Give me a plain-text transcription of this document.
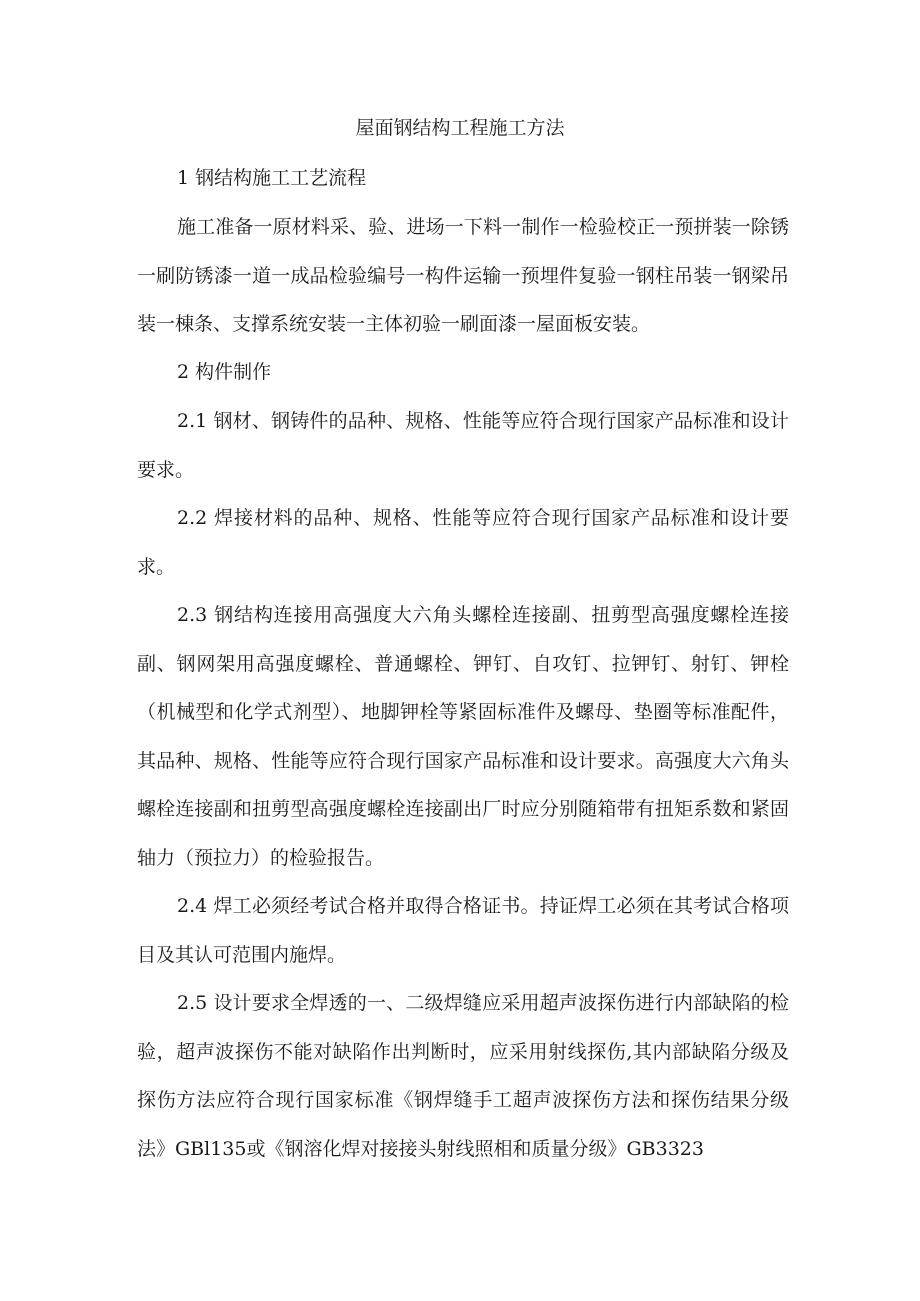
屋面钢结构工程施工方法
1 钢结构施工工艺流程

施工准备一原材料采、验、进场一下料一制作一检验校正一预拼装一除锈一刷防锈漆一道一成品检验编号一构件运输一预埋件复验一钢柱吊装一钢梁吊装一棟条、支撑系统安装一主体初验一刷面漆一屋面板安装。

2 构件制作

2.1 钢材、钢铸件的品种、规格、性能等应符合现行国家产品标准和设计要求。

2.2 焊接材料的品种、规格、性能等应符合现行国家产品标准和设计要求。

2.3 钢结构连接用高强度大六角头螺栓连接副、扭剪型高强度螺栓连接副、钢网架用高强度螺栓、普通螺栓、钾钉、自攻钉、拉钾钉、射钉、钾栓（机械型和化学式剂型）、地脚钾栓等紧固标准件及螺母、垫圈等标准配件，其品种、规格、性能等应符合现行国家产品标准和设计要求。高强度大六角头螺栓连接副和扭剪型高强度螺栓连接副出厂时应分别随箱带有扭矩系数和紧固轴力（预拉力）的检验报告。

2.4 焊工必须经考试合格并取得合格证书。持证焊工必须在其考试合格项目及其认可范围内施焊。

2.5 设计要求全焊透的一、二级焊缝应采用超声波探伤进行内部缺陷的检验，超声波探伤不能对缺陷作出判断时，应采用射线探伤,其内部缺陷分级及探伤方法应符合现行国家标准《钢焊缝手工超声波探伤方法和探伤结果分级法》GBl135或《钢溶化焊对接接头射线照相和质量分级》GB3323
